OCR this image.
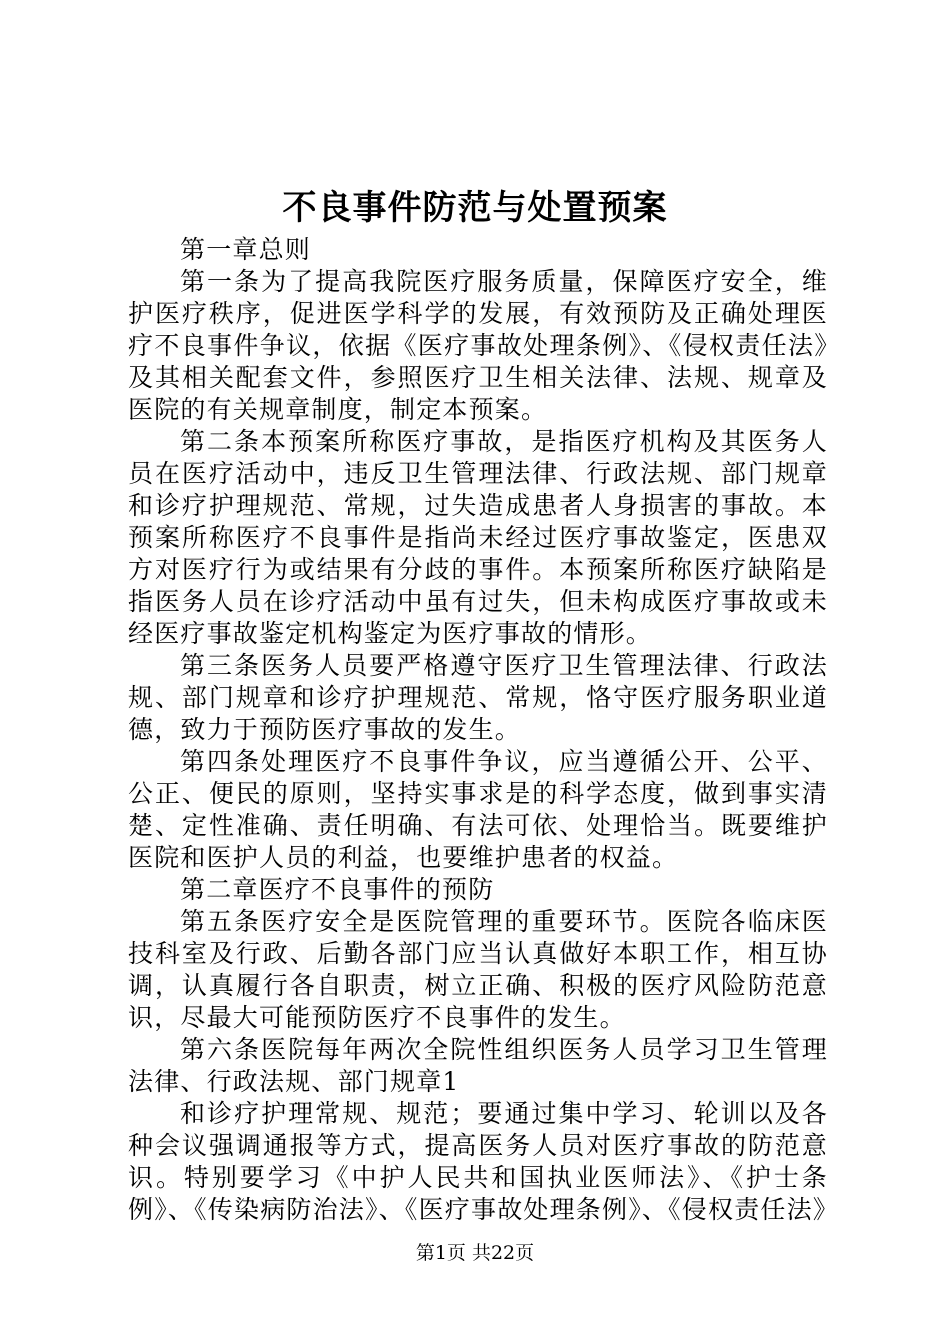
不良事件防范与处置预案

第一章总则

第一条为了提高我院医疗服务质量，保障医疗安全，维护医疗秩序，促进医学科学的发展，有效预防及正确处理医疗不良事件争议，依据《医疗事故处理条例》、《侵权责任法》及其相关配套文件，参照医疗卫生相关法律、法规、规章及医院的有关规章制度，制定本预案。

第二条本预案所称医疗事故，是指医疗机构及其医务人员在医疗活动中，违反卫生管理法律、行政法规、部门规章和诊疗护理规范、常规，过失造成患者人身损害的事故。本预案所称医疗不良事件是指尚未经过医疗事故鉴定，医患双方对医疗行为或结果有分歧的事件。本预案所称医疗缺陷是指医务人员在诊疗活动中虽有过失，但未构成医疗事故或未经医疗事故鉴定机构鉴定为医疗事故的情形。

第三条医务人员要严格遵守医疗卫生管理法律、行政法规、部门规章和诊疗护理规范、常规，恪守医疗服务职业道德，致力于预防医疗事故的发生。

第四条处理医疗不良事件争议，应当遵循公开、公平、公正、便民的原则，坚持实事求是的科学态度，做到事实清楚、定性准确、责任明确、有法可依、处理恰当。既要维护医院和医护人员的利益，也要维护患者的权益。

第二章医疗不良事件的预防

第五条医疗安全是医院管理的重要环节。医院各临床医技科室及行政、后勤各部门应当认真做好本职工作，相互协调，认真履行各自职责，树立正确、积极的医疗风险防范意识，尽最大可能预防医疗不良事件的发生。

第六条医院每年两次全院性组织医务人员学习卫生管理法律、行政法规、部门规章1

和诊疗护理常规、规范；要通过集中学习、轮训以及各种会议强调通报等方式，提高医务人员对医疗事故的防范意识。特别要学习《中护人民共和国执业医师法》、《护士条例》、《传染病防治法》、《医疗事故处理条例》、《侵权责任法》

第1页 共22页
